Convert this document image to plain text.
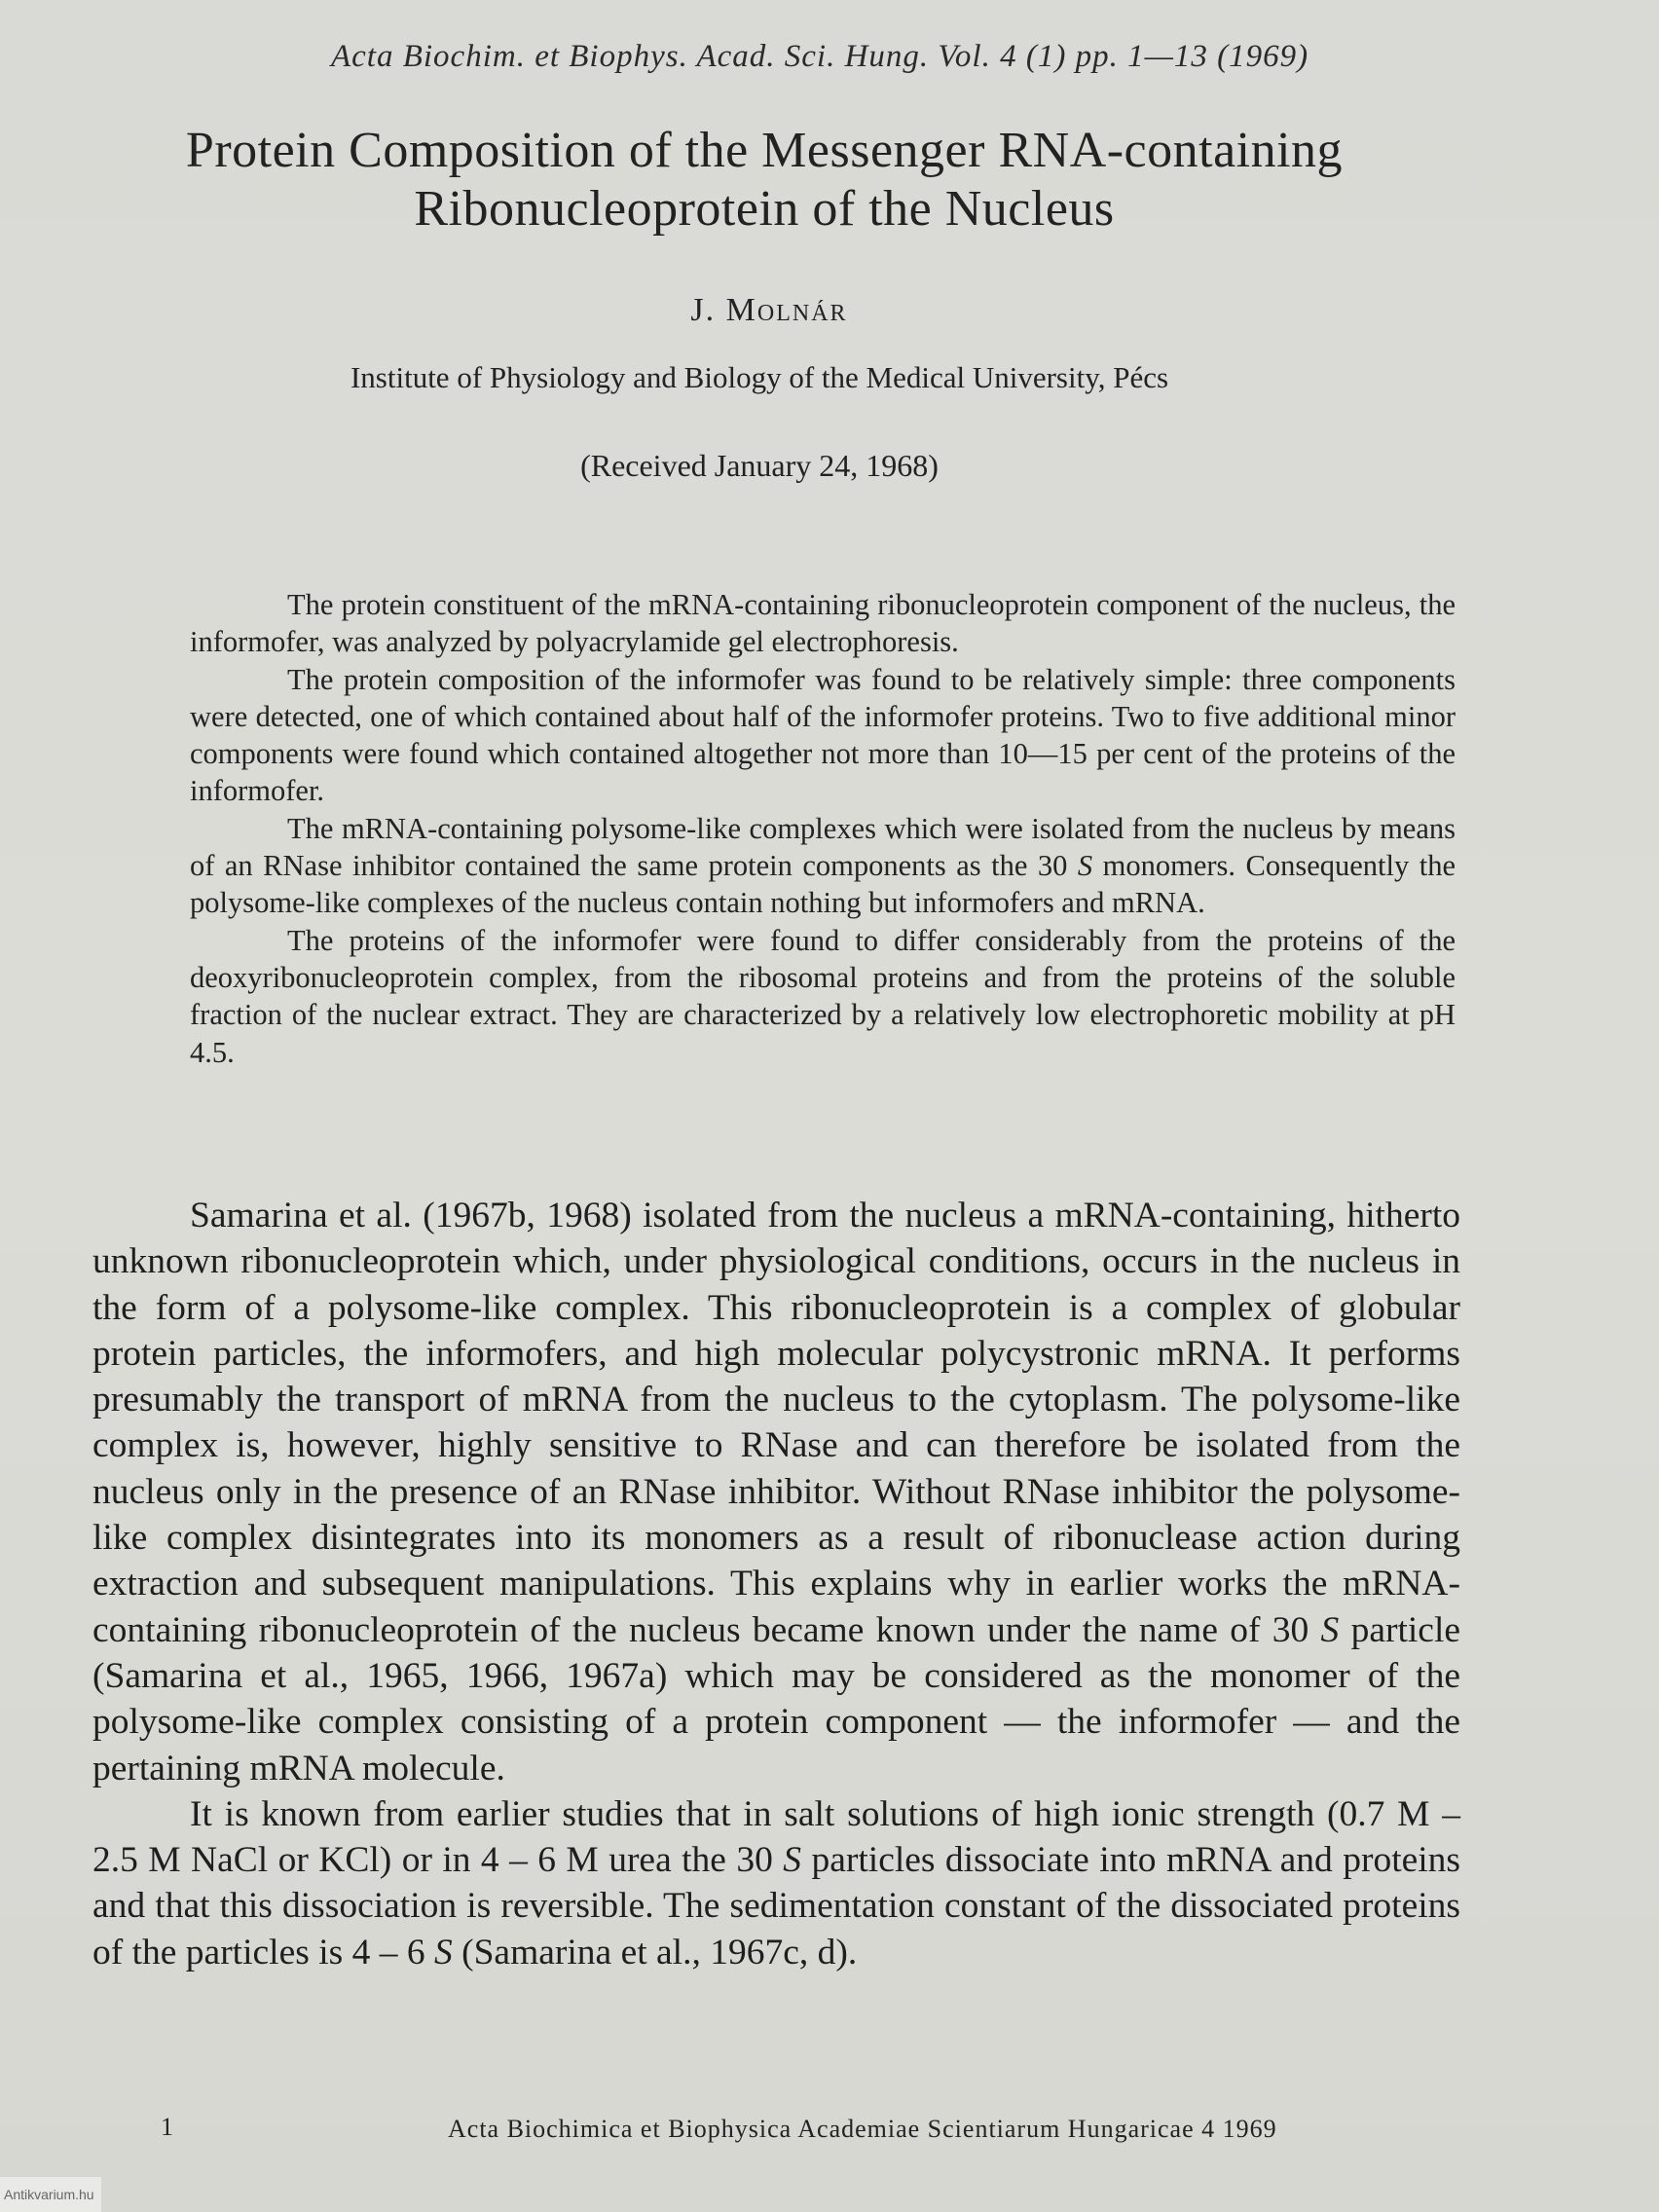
Acta Biochim. et Biophys. Acad. Sci. Hung. Vol. 4 (1) pp. 1—13 (1969)
Protein Composition of the Messenger RNA-containing
Ribonucleoprotein of the Nucleus
J. Molnár
Institute of Physiology and Biology of the Medical University, Pécs
(Received January 24, 1968)

The protein constituent of the mRNA-containing ribonucleoprotein component of the nucleus, the informofer, was analyzed by polyacrylamide gel electrophoresis.

The protein composition of the informofer was found to be relatively simple: three components were detected, one of which contained about half of the informofer proteins. Two to five additional minor components were found which contained altogether not more than 10—15 per cent of the proteins of the informofer.

The mRNA-containing polysome-like complexes which were isolated from the nucleus by means of an RNase inhibitor contained the same protein components as the 30 S monomers. Consequently the polysome-like complexes of the nucleus contain nothing but informofers and mRNA.

The proteins of the informofer were found to differ considerably from the proteins of the deoxyribonucleoprotein complex, from the ribosomal proteins and from the proteins of the soluble fraction of the nuclear extract. They are characterized by a relatively low electrophoretic mobility at pH 4.5.

Samarina et al. (1967b, 1968) isolated from the nucleus a mRNA-containing, hitherto unknown ribonucleoprotein which, under physiological conditions, occurs in the nucleus in the form of a polysome-like complex. This ribonucleoprotein is a complex of globular protein particles, the informofers, and high molecular polycystronic mRNA. It performs presumably the transport of mRNA from the nucleus to the cytoplasm. The polysome-like complex is, however, highly sensitive to RNase and can therefore be isolated from the nucleus only in the presence of an RNase inhibitor. Without RNase inhibitor the polysome-like complex disintegrates into its monomers as a result of ribonuclease action during extraction and subsequent manipulations. This explains why in earlier works the mRNA-containing ribonucleoprotein of the nucleus became known under the name of 30 S particle (Samarina et al., 1965, 1966, 1967a) which may be considered as the monomer of the polysome-like complex consisting of a protein component — the informofer — and the pertaining mRNA molecule.

It is known from earlier studies that in salt solutions of high ionic strength (0.7 M – 2.5 M NaCl or KCl) or in 4 – 6 M urea the 30 S particles dissociate into mRNA and proteins and that this dissociation is reversible. The sedimentation constant of the dissociated proteins of the particles is 4 – 6 S (Samarina et al., 1967c, d).

1	Acta Biochimica et Biophysica Academiae Scientiarum Hungaricae 4 1969
Antikvarium.hu
